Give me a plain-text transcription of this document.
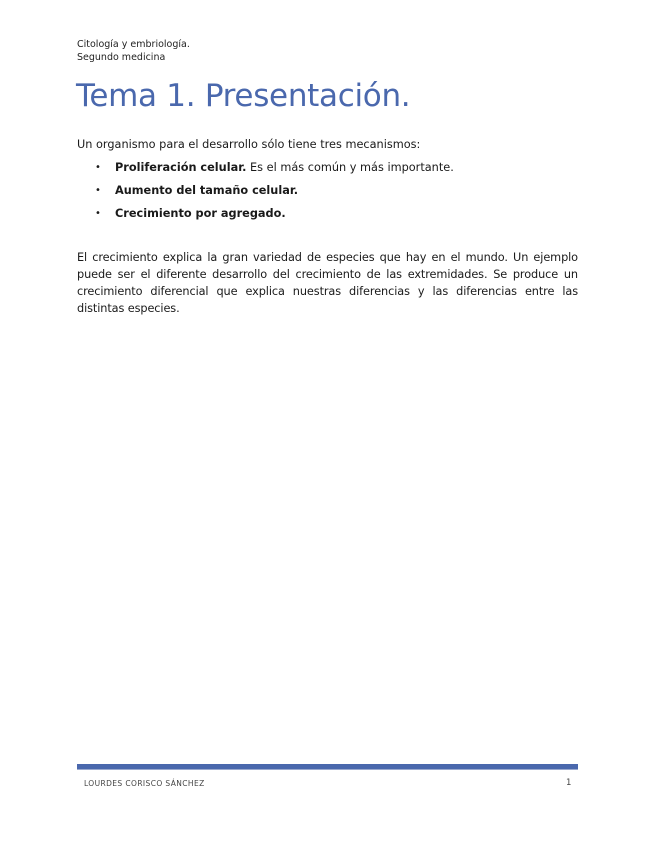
Citología y embriología.
Segundo medicina
Tema 1. Presentación.
Un organismo para el desarrollo sólo tiene tres mecanismos:
• Proliferación celular. Es el más común y más importante.
• Aumento del tamaño celular.
• Crecimiento por agregado.

El crecimiento explica la gran variedad de especies que hay en el mundo. Un ejemplo puede ser el diferente desarrollo del crecimiento de las extremidades. Se produce un crecimiento diferencial que explica nuestras diferencias y las diferencias entre las distintas especies.

LOURDES CORISCO SÁNCHEZ	1
